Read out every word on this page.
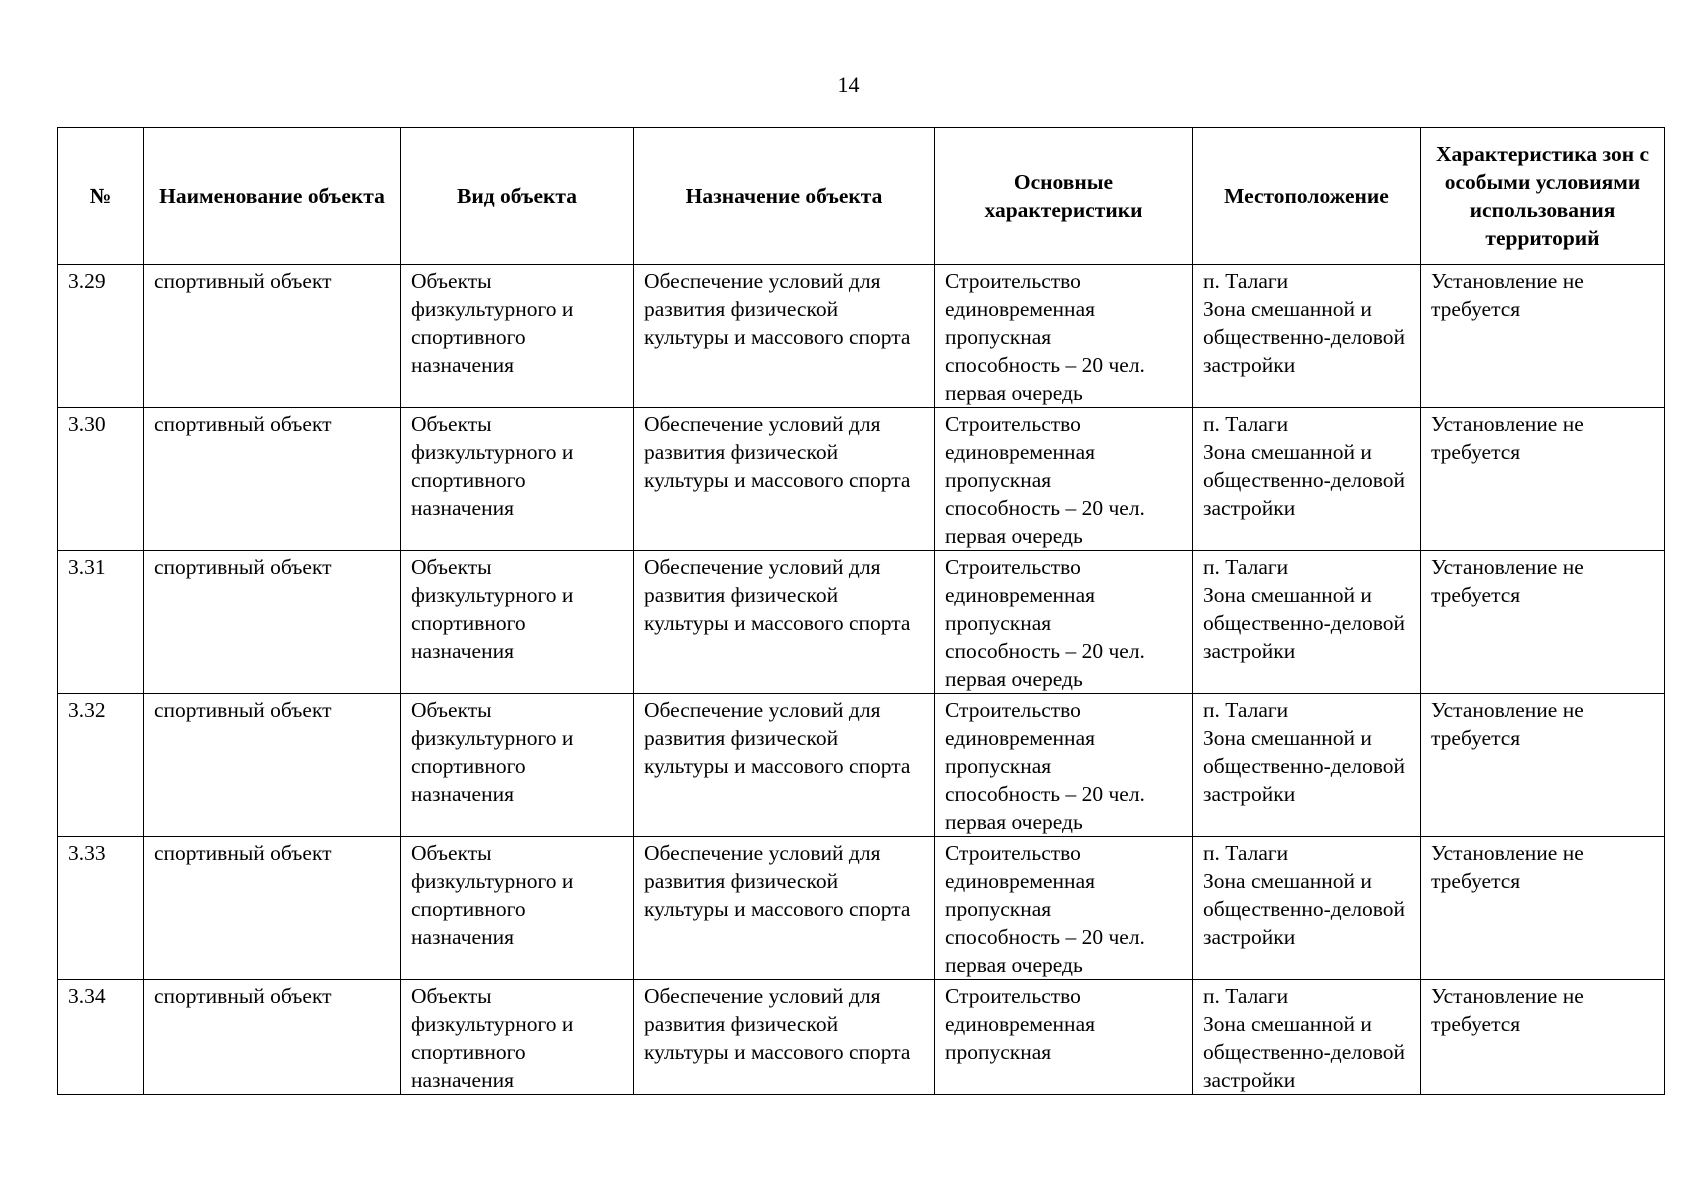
14
№	Наименование объекта	Вид объекта	Назначение объекта	Основные характеристики	Местоположение	Характеристика зон с особыми условиями использования территорий

3.29	спортивный объект	Объекты физкультурного и спортивного назначения	Обеспечение условий для развития физической культуры и массового спорта	Строительство
единовременная
пропускная
способность – 20 чел.
первая очередь	п. Талаги
Зона смешанной и общественно-деловой застройки	Установление не требуется

3.30	спортивный объект	Объекты физкультурного и спортивного назначения	Обеспечение условий для развития физической культуры и массового спорта	Строительство
единовременная
пропускная
способность – 20 чел.
первая очередь	п. Талаги
Зона смешанной и общественно-деловой застройки	Установление не требуется

3.31	спортивный объект	Объекты физкультурного и спортивного назначения	Обеспечение условий для развития физической культуры и массового спорта	Строительство
единовременная
пропускная
способность – 20 чел.
первая очередь	п. Талаги
Зона смешанной и общественно-деловой застройки	Установление не требуется

3.32	спортивный объект	Объекты физкультурного и спортивного назначения	Обеспечение условий для развития физической культуры и массового спорта	Строительство
единовременная
пропускная
способность – 20 чел.
первая очередь	п. Талаги
Зона смешанной и общественно-деловой застройки	Установление не требуется

3.33	спортивный объект	Объекты физкультурного и спортивного назначения	Обеспечение условий для развития физической культуры и массового спорта	Строительство
единовременная
пропускная
способность – 20 чел.
первая очередь	п. Талаги
Зона смешанной и общественно-деловой застройки	Установление не требуется

3.34	спортивный объект	Объекты физкультурного и спортивного назначения	Обеспечение условий для развития физической культуры и массового спорта	Строительство
единовременная
пропускная	п. Талаги
Зона смешанной и общественно-деловой застройки	Установление не требуется
